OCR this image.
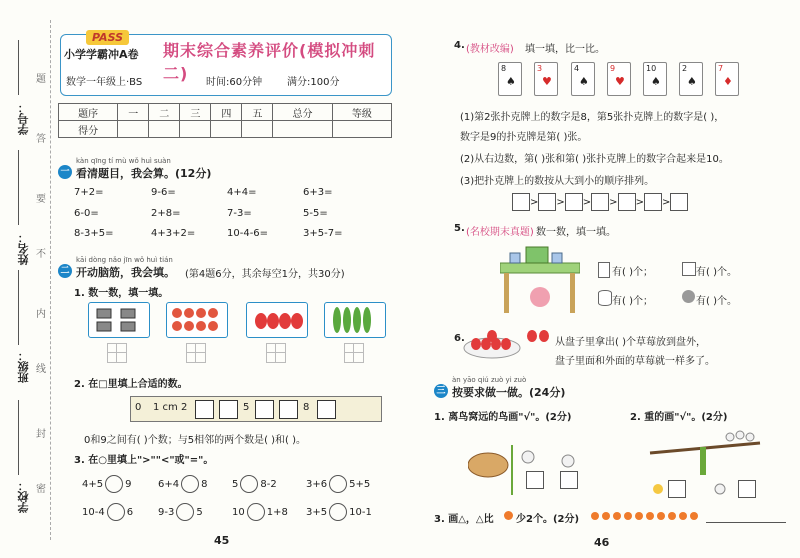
学号：
姓名：
班级：
学校：
题
答
要
不
内
线
封
密
PASS
小学学霸冲A卷 期末综合素养评价(模拟冲刺二)
数学一年级上·BS	时间:60分钟 满分:100分
题序	一	二	三	四	五	总分	等级
得分							
kàn qīng tí mù wǒ huì suàn
一 看清题目，我会算。(12分)
7+2=	9-6=	4+4=	6+3=
6-0=	2+8=	7-3=	5-5=
8-3+5=	4+3+2=	10-4-6=	3+5-7=
kāi dòng nǎo jīn wǒ huì tián
二 开动脑筋，我会填。 (第4题6分，其余每空1分，共30分)
1. 数一数，填一填。
2. 在□里填上合适的数。
0 1 cm 2	5	8
0和9之间有( )个数；与5相邻的两个数是( )和( )。
3. 在○里填上">""<"或"="。
4+5 9	6+4 8 5 8-2	3+6 5+5
10-4 6 9-3 5	10 1+8 3+5 10-1
45
4. (教材改编) 填一填，比一比。
8
♠
3
♥
4
♠
9
♥
10
♠
2
♠
7
♦
(1)第2张扑克牌上的数字是8，第5张扑克牌上的数字是( )，
数字是9的扑克牌是第( )张。
(2)从右边数，第( )张和第( )张扑克牌上的数字合起来是10。
(3)把扑克牌上的数按从大到小的顺序排列。
> > > > > >
5. (名校期末真题) 数一数，填一填。
有( )个；	有( )个。
有( )个；	有( )个。
6.	从盘子里拿出( )个草莓放到盘外，
盘子里面和外面的草莓就一样多了。
àn yāo qiú zuò yi zuò
三 按要求做一做。(24分)
1. 离鸟窝远的鸟画"√"。(2分)	2. 重的画"√"。(2分)
3. 画△，△比 少2个。(2分)
46
